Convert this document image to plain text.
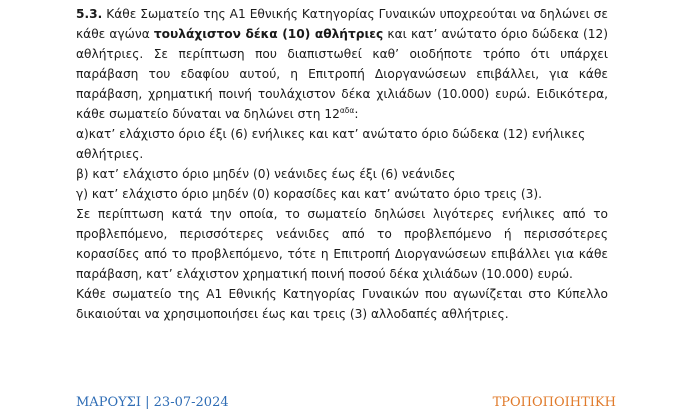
5.3. Κάθε Σωματείο της Α1 Εθνικής Κατηγορίας Γυναικών υποχρεούται να δηλώνει σε κάθε αγώνα τουλάχιστον δέκα (10) αθλήτριες και κατ’ ανώτατο όριο δώδεκα (12) αθλήτριες. Σε περίπτωση που διαπιστωθεί καθ’ οιοδήποτε τρόπο ότι υπάρχει παράβαση του εδαφίου αυτού, η Επιτροπή Διοργανώσεων επιβάλλει, για κάθε παράβαση, χρηματική ποινή τουλάχιστον δέκα χιλιάδων (10.000) ευρώ. Ειδικότερα, κάθε σωματείο δύναται να δηλώνει στη $12^{\alpha\delta\alpha}$:

α)κατ’ ελάχιστο όριο έξι (6) ενήλικες και κατ’ ανώτατο όριο δώδεκα (12) ενήλικες αθλήτριες.

β) κατ’ ελάχιστο όριο μηδέν (0) νεάνιδες έως έξι (6) νεάνιδες

γ) κατ’ ελάχιστο όριο μηδέν (0) κορασίδες και κατ’ ανώτατο όριο τρεις (3).

Σε περίπτωση κατά την οποία, το σωματείο δηλώσει λιγότερες ενήλικες από το προβλεπόμενο, περισσότερες νεάνιδες από το προβλεπόμενο ή περισσότερες κορασίδες από το προβλεπόμενο, τότε η Επιτροπή Διοργανώσεων επιβάλλει για κάθε παράβαση, κατ’ ελάχιστον χρηματική ποινή ποσού δέκα χιλιάδων (10.000) ευρώ.

Κάθε σωματείο της Α1 Εθνικής Κατηγορίας Γυναικών που αγωνίζεται στο Κύπελλο δικαιούται να χρησιμοποιήσει έως και τρεις (3) αλλοδαπές αθλήτριες.

ΜΑΡΟΥΣΙ | 23-07-2024	ΤΡΟΠΟΠΟΙΗΤΙΚΗ
